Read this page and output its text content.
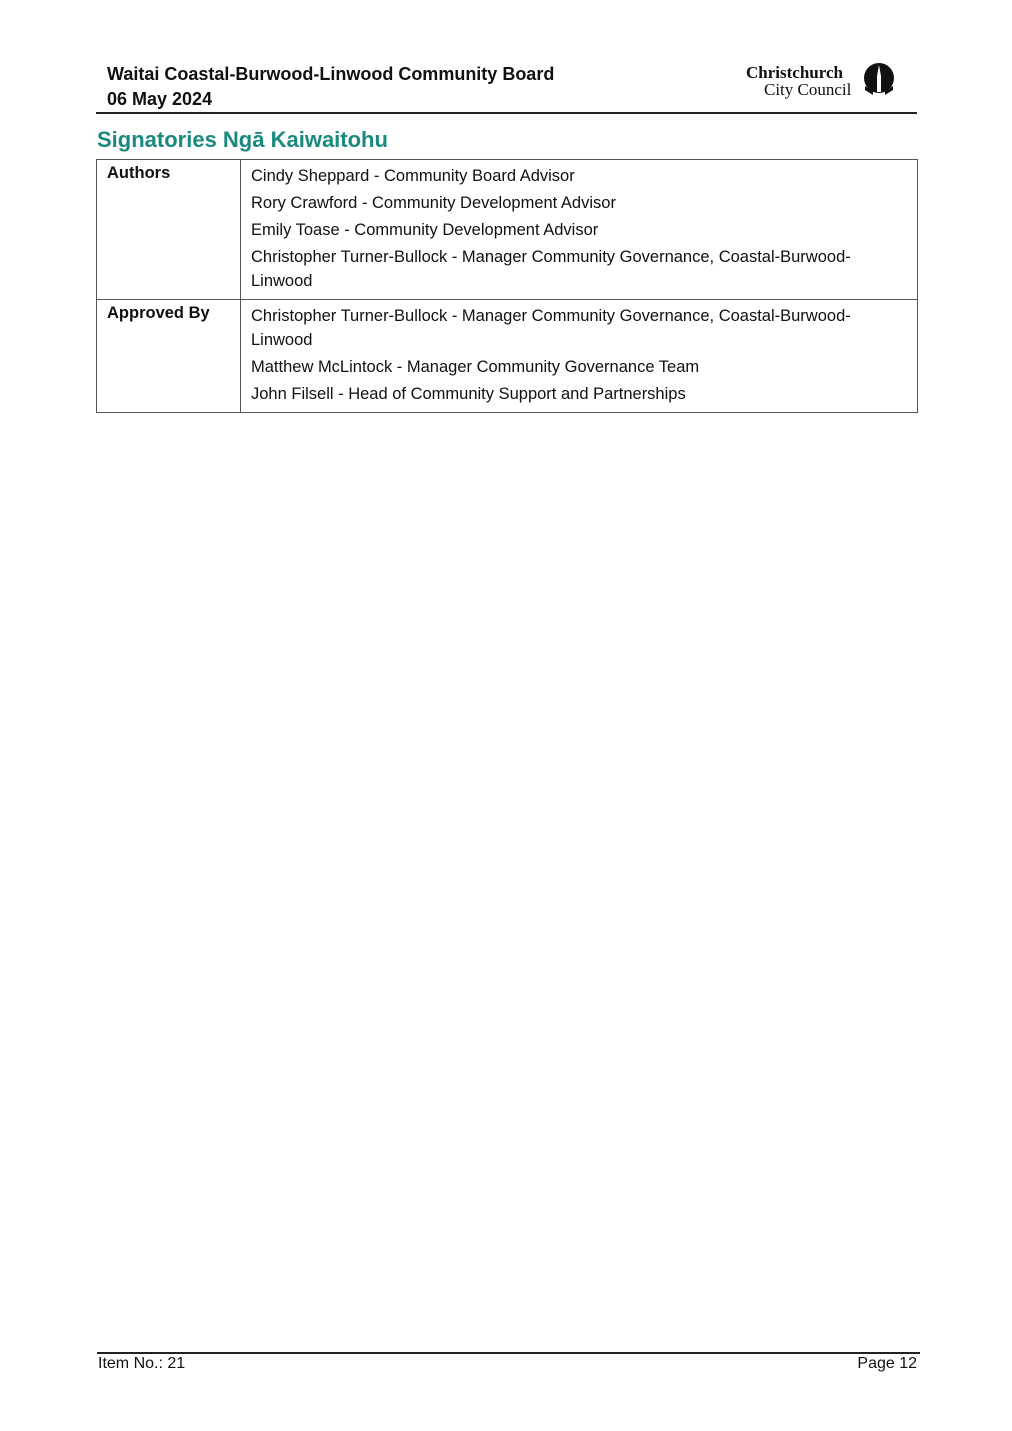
Waitai Coastal-Burwood-Linwood Community Board
06 May 2024
Christchurch
City Council
Signatories Ngā Kaiwaitohu
Authors	Cindy Sheppard - Community Board Advisor
Rory Crawford - Community Development Advisor
Emily Toase - Community Development Advisor
Christopher Turner-Bullock - Manager Community Governance, Coastal-Burwood-Linwood

Approved By	Christopher Turner-Bullock - Manager Community Governance, Coastal-Burwood-Linwood
Matthew McLintock - Manager Community Governance Team
John Filsell - Head of Community Support and Partnerships
Item No.: 21	Page 12
